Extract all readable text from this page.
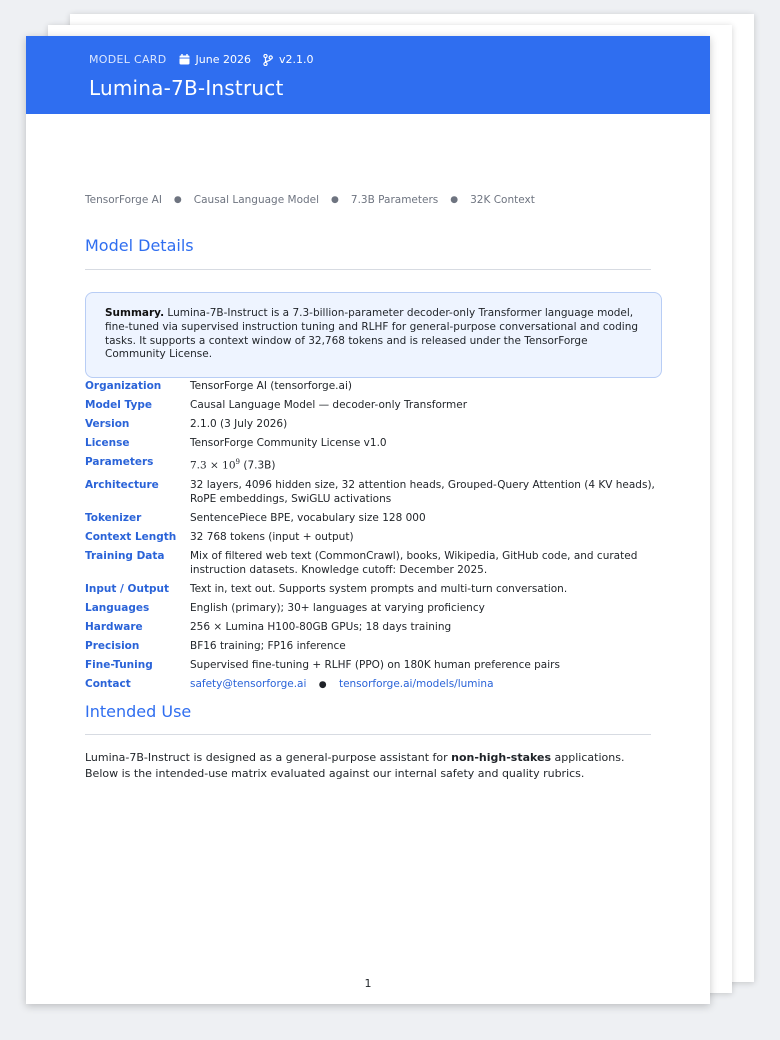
MODEL CARD	June 2026	v2.1.0
Lumina-7B-Instruct
TensorForge AI ● Causal Language Model ● 7.3B Parameters ● 32K Context
Model Details
Summary. Lumina-7B-Instruct is a 7.3-billion-parameter decoder-only Transformer language model, fine-tuned via supervised instruction tuning and RLHF for general-purpose conversational and coding tasks. It supports a context window of 32,768 tokens and is released under the TensorForge Community License.
Organization	TensorForge AI (tensorforge.ai)
Model Type	Causal Language Model — decoder-only Transformer
Version	2.1.0 (3 July 2026)
License	TensorForge Community License v1.0
Parameters	$7.3 \times 10^9$ (7.3B)
Architecture	32 layers, 4096 hidden size, 32 attention heads, Grouped-Query Attention (4 KV heads), RoPE embeddings, SwiGLU activations
Tokenizer	SentencePiece BPE, vocabulary size 128 000
Context Length	32 768 tokens (input + output)
Training Data	Mix of filtered web text (CommonCrawl), books, Wikipedia, GitHub code, and curated instruction datasets. Knowledge cutoff: December 2025.
Input / Output	Text in, text out. Supports system prompts and multi-turn conversation.
Languages	English (primary); 30+ languages at varying proficiency
Hardware	256 × Lumina H100-80GB GPUs; 18 days training
Precision	BF16 training; FP16 inference
Fine-Tuning	Supervised fine-tuning + RLHF (PPO) on 180K human preference pairs
Contact	safety@tensorforge.ai ● tensorforge.ai/models/lumina
Intended Use
Lumina-7B-Instruct is designed as a general-purpose assistant for non-high-stakes applications. Below is the intended-use matrix evaluated against our internal safety and quality rubrics.
1
